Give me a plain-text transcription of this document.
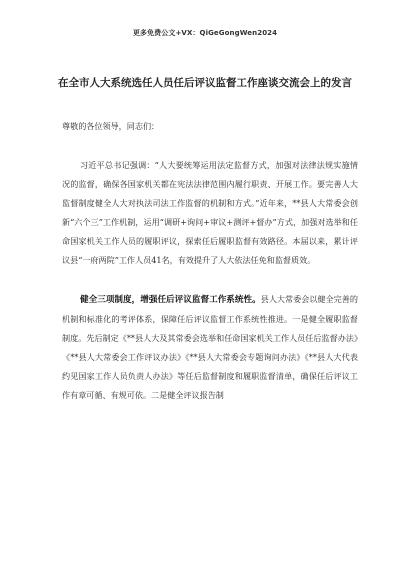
更多免费公文+VX：QiGeGongWen2024
在全市人大系统选任人员任后评议监督工作座谈交流会上的发言

尊敬的各位领导，同志们：

习近平总书记强调：“人大要统筹运用法定监督方式，加强对法律法规实施情况的监督，确保各国家机关都在宪法法律范围内履行职责、开展工作。要完善人大监督制度健全人大对执法司法工作监督的机制和方式。”近年来，**县人大常委会创新“六个三”工作机制，运用“调研+询问+审议+测评+督办”方式，加强对选举和任命国家机关工作人员的履职评议，探索任后履职监督有效路径。本届以来，累计评议县“一府两院”工作人员41名，有效提升了人大依法任免和监督质效。

健全三项制度，增强任后评议监督工作系统性。县人大常委会以健全完善的机制和标准化的考评体系，保障任后评议监督工作系统性推进。一是健全履职监督制度。先后制定《**县人大及其常委会选举和任命国家机关工作人员任后监督办法》《**县人大常委会工作评议办法》《**县人大常委会专题询问办法》《**县人大代表约见国家工作人员负责人办法》等任后监督制度和履职监督清单，确保任后评议工作有章可循、有规可依。二是健全评议报告制
